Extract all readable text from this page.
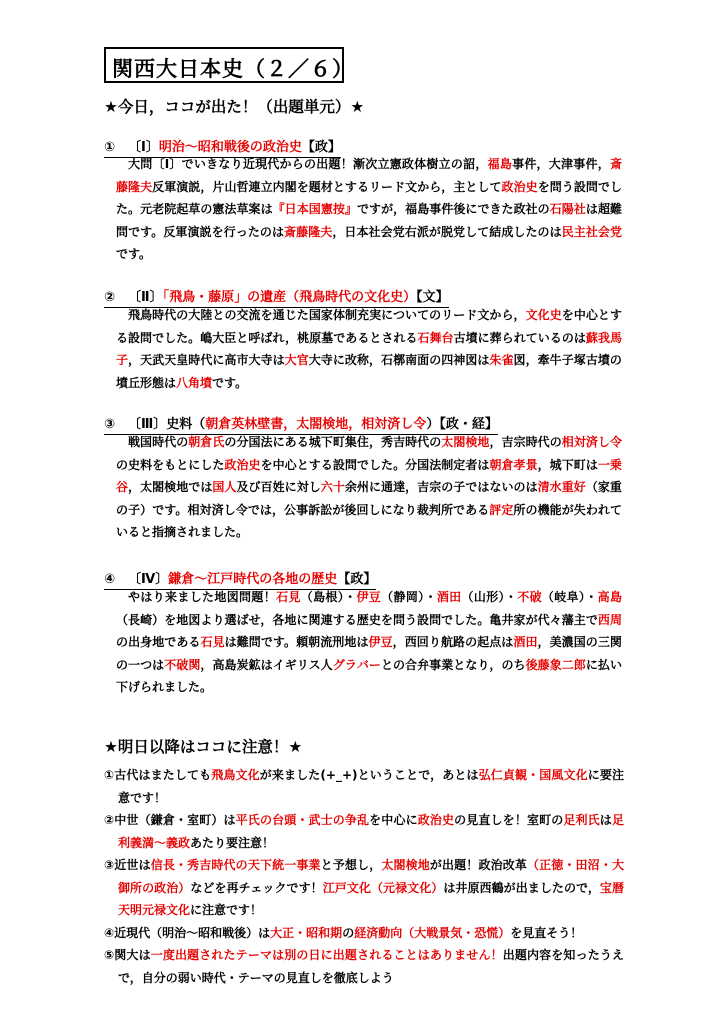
関西大日本史（２／６）
★今日，ココが出た！（出題単元）★
① 〔Ⅰ〕明治～昭和戦後の政治史【政】
大問〔Ⅰ〕でいきなり近現代からの出題！漸次立憲政体樹立の詔，福島事件，大津事件，斎藤隆夫反軍演説，片山哲連立内閣を題材とするリード文から，主として政治史を問う設問でした。元老院起草の憲法草案は『日本国憲按』ですが，福島事件後にできた政社の石陽社は超難問です。反軍演説を行ったのは斎藤隆夫，日本社会党右派が脱党して結成したのは民主社会党です。
② 〔Ⅱ〕「飛鳥・藤原」の遺産（飛鳥時代の文化史）【文】
飛鳥時代の大陸との交流を通じた国家体制充実についてのリード文から，文化史を中心とする設問でした。嶋大臣と呼ばれ，桃原墓であるとされる石舞台古墳に葬られているのは蘇我馬子，天武天皇時代に高市大寺は大官大寺に改称，石槨南面の四神図は朱雀図，牽牛子塚古墳の墳丘形態は八角墳です。
③ 〔Ⅲ〕史料（朝倉英林壁書，太閤検地，相対済し令）【政・経】
戦国時代の朝倉氏の分国法にある城下町集住，秀吉時代の太閤検地，吉宗時代の相対済し令の史料をもとにした政治史を中心とする設問でした。分国法制定者は朝倉孝景，城下町は一乗谷，太閤検地では国人及び百姓に対し六十余州に通達，吉宗の子ではないのは清水重好（家重の子）です。相対済し令では，公事訴訟が後回しになり裁判所である評定所の機能が失われていると指摘されました。
④ 〔Ⅳ〕鎌倉～江戸時代の各地の歴史【政】
やはり来ました地図問題！石見（島根）・伊豆（静岡）・酒田（山形）・不破（岐阜）・高島（長崎）を地図より選ばせ，各地に関連する歴史を問う設問でした。亀井家が代々藩主で西周の出身地である石見は難問です。頼朝流刑地は伊豆，西回り航路の起点は酒田，美濃国の三関の一つは不破関，高島炭鉱はイギリス人グラバーとの合弁事業となり，のち後藤象二郎に払い下げられました。
★明日以降はココに注意！★
①古代はまたしても飛鳥文化が来ました(+_+)ということで，あとは弘仁貞観・国風文化に要注意です！
②中世（鎌倉・室町）は平氏の台頭・武士の争乱を中心に政治史の見直しを！室町の足利氏は足利義満～義政あたり要注意！
③近世は信長・秀吉時代の天下統一事業と予想し，太閤検地が出題！政治改革（正徳・田沼・大御所の政治）などを再チェックです！江戸文化（元禄文化）は井原西鶴が出ましたので，宝暦天明元禄文化に注意です！
④近現代（明治～昭和戦後）は大正・昭和期の経済動向（大戦景気・恐慌）を見直そう！
⑤関大は一度出題されたテーマは別の日に出題されることはありません！出題内容を知ったうえで，自分の弱い時代・テーマの見直しを徹底しよう
